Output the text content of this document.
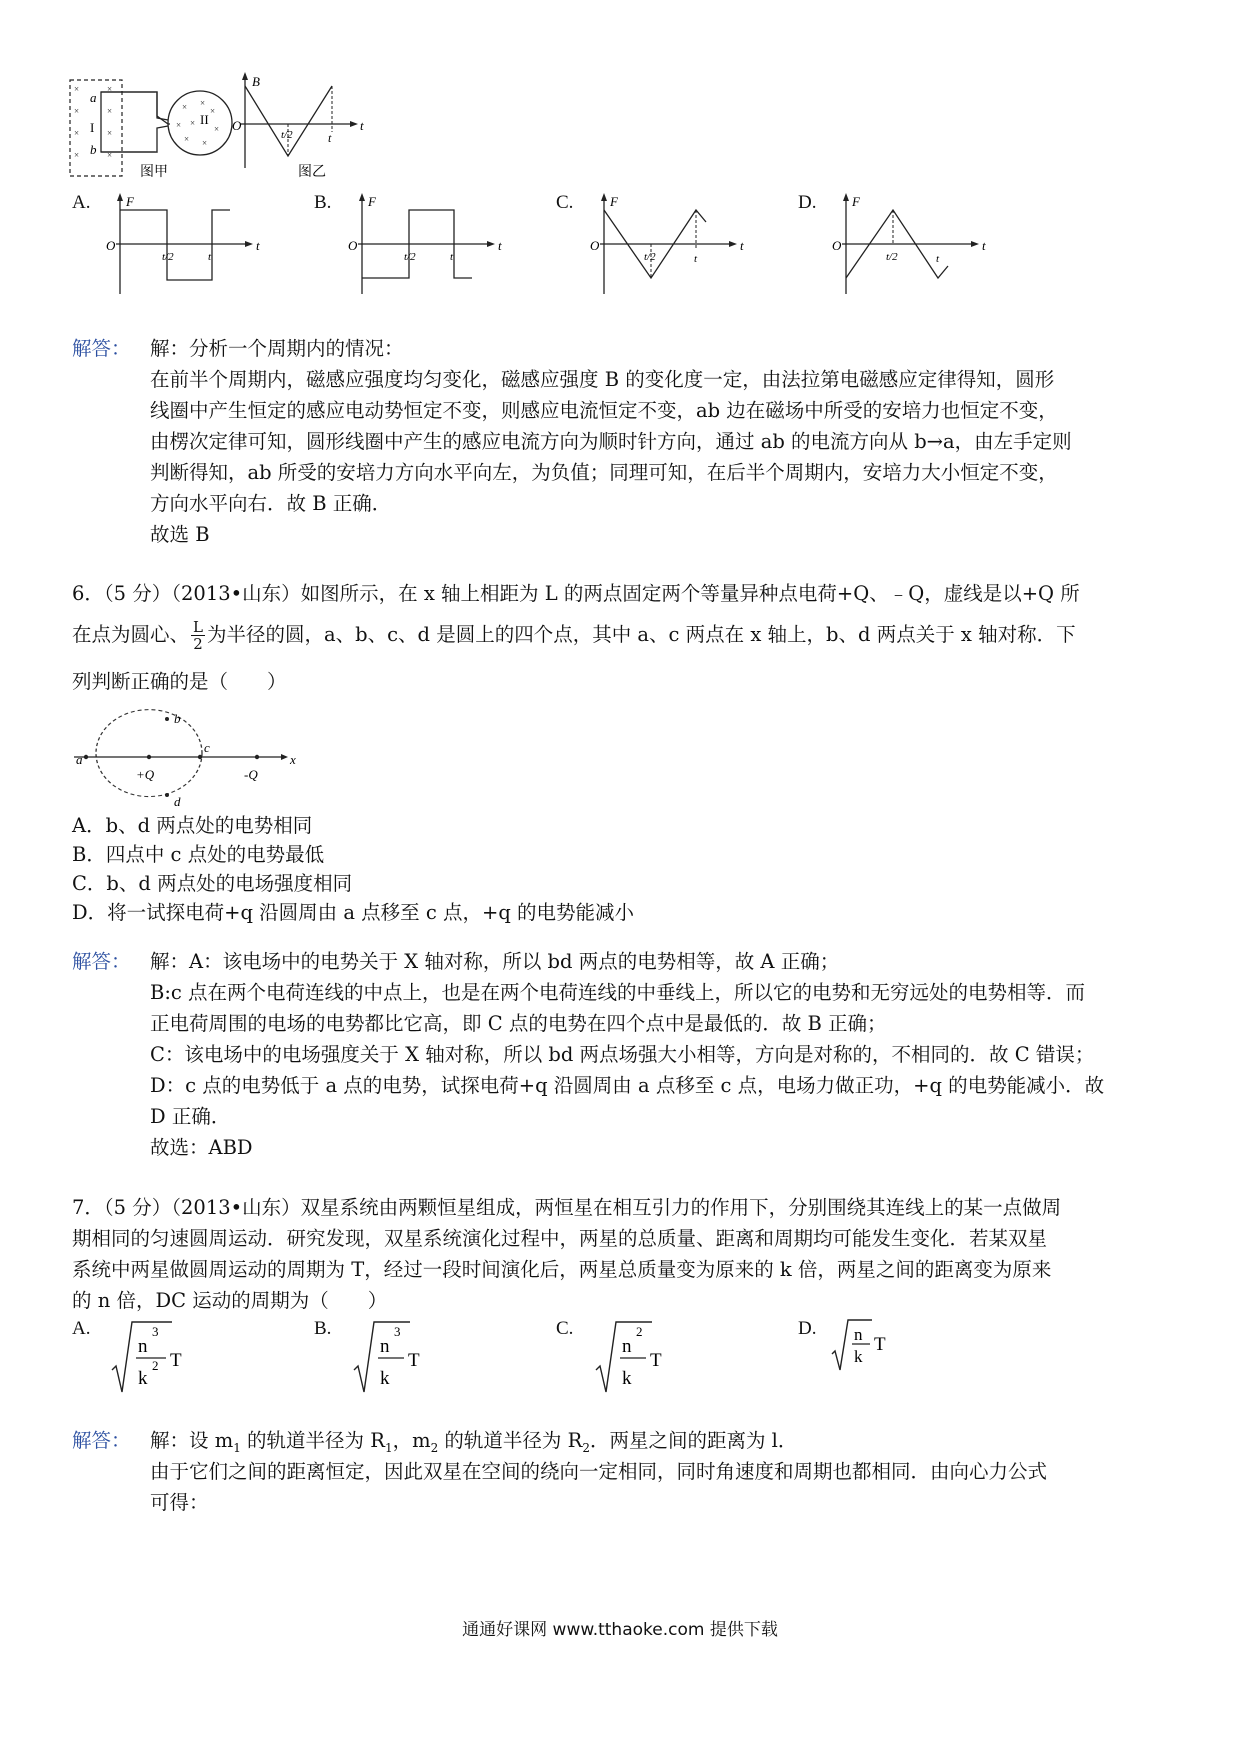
×
×
×
×
×
×
×
×
a
I
b
× ×
×
× ×
×
× ×
II
图甲
B
O
t/2	t
t
图乙
A.	F
O
t/2	t
t
B.	F
O
t/2	t
t
C.	F
O
t/2	t
t
D.	F
O
t/2	t
t
解答： 解：分析一个周期内的情况：
在前半个周期内，磁感应强度均匀变化，磁感应强度 B 的变化度一定，由法拉第电磁感应定律得知，圆形
线圈中产生恒定的感应电动势恒定不变，则感应电流恒定不变，ab 边在磁场中所受的安培力也恒定不变，
由楞次定律可知，圆形线圈中产生的感应电流方向为顺时针方向，通过 ab 的电流方向从 b→a，由左手定则
判断得知，ab 所受的安培力方向水平向左，为负值；同理可知，在后半个周期内，安培力大小恒定不变，
方向水平向右．故 B 正确．
故选 B
6．（5 分）（2013•山东）如图所示，在 x 轴上相距为 L 的两点固定两个等量异种点电荷+Q、﹣Q，虚线是以+Q 所
在点为圆心、 $\frac{L}{2}$ 为半径的圆，a、b、c、d 是圆上的四个点，其中 a、c 两点在 x 轴上，b、d 两点关于 x 轴对称．下
列判断正确的是（　　）
a
b
c
d
+Q	-Q
x
A．b、d 两点处的电势相同
B．四点中 c 点处的电势最低
C．b、d 两点处的电场强度相同
D．将一试探电荷+q 沿圆周由 a 点移至 c 点，+q 的电势能减小
解答： 解：A：该电场中的电势关于 X 轴对称，所以 bd 两点的电势相等，故 A 正确；
B:c 点在两个电荷连线的中点上，也是在两个电荷连线的中垂线上，所以它的电势和无穷远处的电势相等．而
正电荷周围的电场的电势都比它高，即 C 点的电势在四个点中是最低的．故 B 正确；
C：该电场中的电场强度关于 X 轴对称，所以 bd 两点场强大小相等，方向是对称的，不相同的．故 C 错误；
D：c 点的电势低于 a 点的电势，试探电荷+q 沿圆周由 a 点移至 c 点，电场力做正功，+q 的电势能减小．故
D 正确．
故选：ABD
7．（5 分）（2013•山东）双星系统由两颗恒星组成，两恒星在相互引力的作用下，分别围绕其连线上的某一点做周
期相同的匀速圆周运动．研究发现，双星系统演化过程中，两星的总质量、距离和周期均可能发生变化．若某双星
系统中两星做圆周运动的周期为 T，经过一段时间演化后，两星总质量变为原来的 k 倍，两星之间的距离变为原来
的 n 倍，DC 运动的周期为（　　）
A.
n
3
k
2 T
B.
n
3
k
T
C.
n
2
k
T
D. n
k
T
解答： 解：设 $m_1$ 的轨道半径为 $R_1$，$m_2$ 的轨道半径为 $R_2$．两星之间的距离为 l．
由于它们之间的距离恒定，因此双星在空间的绕向一定相同，同时角速度和周期也都相同．由向心力公式
可得：
通通好课网 www.tthaoke.com 提供下载
